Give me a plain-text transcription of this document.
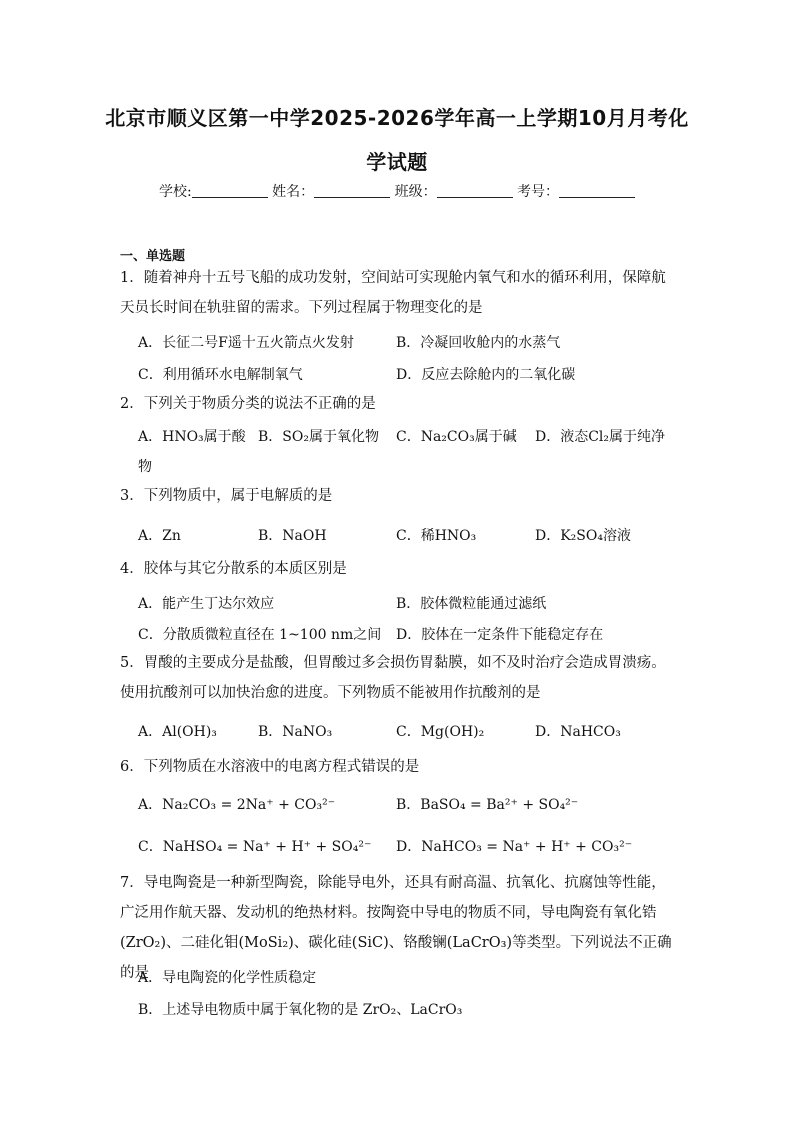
北京市顺义区第一中学2025-2026学年高一上学期10月月考化
学试题
学校:	姓名：	班级：	考号：
一、单选题
1．随着神舟十五号飞船的成功发射，空间站可实现舱内氧气和水的循环利用，保障航天员长时间在轨驻留的需求。下列过程属于物理变化的是
A．长征二号F遥十五火箭点火发射	B．冷凝回收舱内的水蒸气
C．利用循环水电解制氧气	D．反应去除舱内的二氧化碳
2．下列关于物质分类的说法不正确的是
A．HNO₃属于酸 B．SO₂属于氧化物 C．Na₂CO₃属于碱 D．液态Cl₂属于纯净
物
3．下列物质中，属于电解质的是
A．Zn	B．NaOH	C．稀HNO₃	D．K₂SO₄溶液
4．胶体与其它分散系的本质区别是
A．能产生丁达尔效应	B．胶体微粒能通过滤纸
C．分散质微粒直径在 1~100 nm之间 D．胶体在一定条件下能稳定存在
5．胃酸的主要成分是盐酸，但胃酸过多会损伤胃黏膜，如不及时治疗会造成胃溃疡。使用抗酸剂可以加快治愈的进度。下列物质不能被用作抗酸剂的是
A．Al(OH)₃	B．NaNO₃	C．Mg(OH)₂	D．NaHCO₃
6．下列物质在水溶液中的电离方程式错误的是
A．Na₂CO₃ = 2Na⁺ + CO₃²⁻	B．BaSO₄ = Ba²⁺ + SO₄²⁻
C．NaHSO₄ = Na⁺ + H⁺ + SO₄²⁻ D．NaHCO₃ = Na⁺ + H⁺ + CO₃²⁻
7．导电陶瓷是一种新型陶瓷，除能导电外，还具有耐高温、抗氧化、抗腐蚀等性能，广泛用作航天器、发动机的绝热材料。按陶瓷中导电的物质不同，导电陶瓷有氧化锆(ZrO₂)、二硅化钼(MoSi₂)、碳化硅(SiC)、铬酸镧(LaCrO₃)等类型。下列说法不正确的是
A．导电陶瓷的化学性质稳定
B．上述导电物质中属于氧化物的是 ZrO₂、LaCrO₃
